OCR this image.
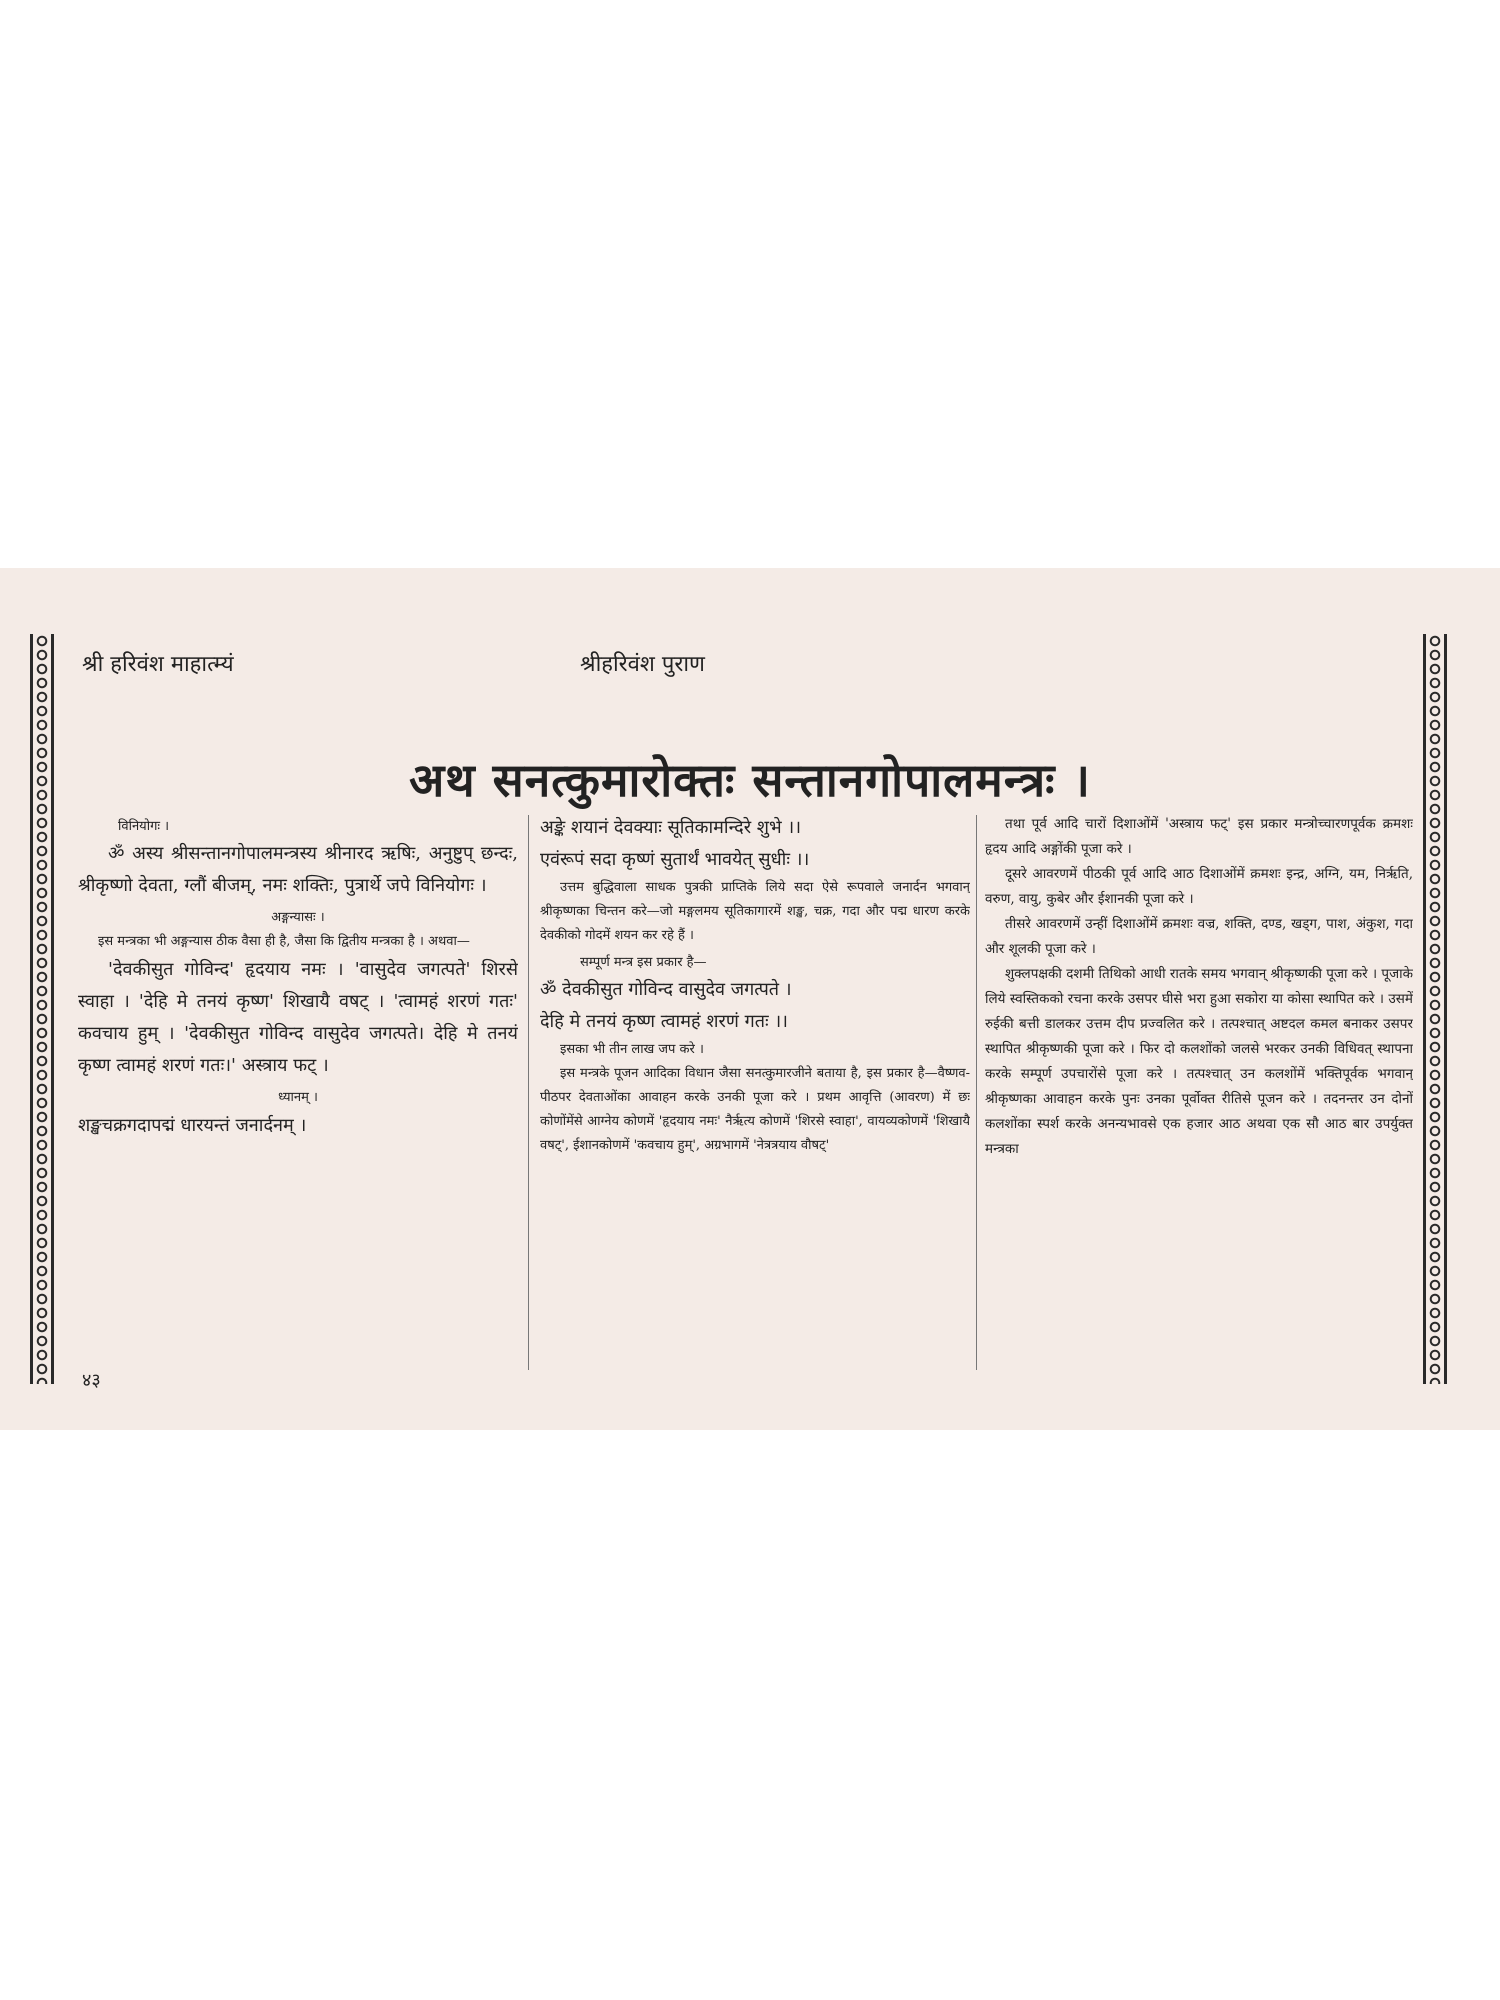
श्री हरिवंश माहात्म्यं	श्रीहरिवंश पुराण
अथ सनत्कुमारोक्तः सन्तानगोपालमन्त्रः ।

विनियोगः ।

ॐ अस्य श्रीसन्तानगोपालमन्त्रस्य श्रीनारद ऋषिः, अनुष्टुप् छन्दः, श्रीकृष्णो देवता, ग्लौं बीजम्, नमः शक्तिः, पुत्रार्थे जपे विनियोगः ।

अङ्गन्यासः ।

इस मन्त्रका भी अङ्गन्यास ठीक वैसा ही है, जैसा कि द्वितीय मन्त्रका है । अथवा—

'देवकीसुत गोविन्द' हृदयाय नमः । 'वासुदेव जगत्पते' शिरसे स्वाहा । 'देहि मे तनयं कृष्ण' शिखायै वषट् । 'त्वामहं शरणं गतः' कवचाय हुम् । 'देवकीसुत गोविन्द वासुदेव जगत्पते। देहि मे तनयं कृष्ण त्वामहं शरणं गतः।' अस्त्राय फट् ।

ध्यानम् ।

शङ्खचक्रगदापद्मं धारयन्तं जनार्दनम् ।

अङ्के शयानं देवक्याः सूतिकामन्दिरे शुभे ।।

एवंरूपं सदा कृष्णं सुतार्थं भावयेत् सुधीः ।।

उत्तम बुद्धिवाला साधक पुत्रकी प्राप्तिके लिये सदा ऐसे रूपवाले जनार्दन भगवान् श्रीकृष्णका चिन्तन करे—जो मङ्गलमय सूतिकागारमें शङ्ख, चक्र, गदा और पद्म धारण करके देवकीको गोदमें शयन कर रहे हैं ।

सम्पूर्ण मन्त्र इस प्रकार है—

ॐ देवकीसुत गोविन्द वासुदेव जगत्पते ।

देहि मे तनयं कृष्ण त्वामहं शरणं गतः ।।

इसका भी तीन लाख जप करे ।

इस मन्त्रके पूजन आदिका विधान जैसा सनत्कुमारजीने बताया है, इस प्रकार है—वैष्णव-पीठपर देवताओंका आवाहन करके उनकी पूजा करे । प्रथम आवृत्ति (आवरण) में छः कोणोंमेंसे आग्नेय कोणमें 'हृदयाय नमः' नैर्ऋत्य कोणमें 'शिरसे स्वाहा', वायव्यकोणमें 'शिखायै वषट्', ईशानकोणमें 'कवचाय हुम्', अग्रभागमें 'नेत्रत्रयाय वौषट्'

तथा पूर्व आदि चारों दिशाओंमें 'अस्त्राय फट्' इस प्रकार मन्त्रोच्चारणपूर्वक क्रमशः हृदय आदि अङ्गोंकी पूजा करे ।

दूसरे आवरणमें पीठकी पूर्व आदि आठ दिशाओंमें क्रमशः इन्द्र, अग्नि, यम, निर्ऋति, वरुण, वायु, कुबेर और ईशानकी पूजा करे ।

तीसरे आवरणमें उन्हीं दिशाओंमें क्रमशः वज्र, शक्ति, दण्ड, खड्ग, पाश, अंकुश, गदा और शूलकी पूजा करे ।

शुक्लपक्षकी दशमी तिथिको आधी रातके समय भगवान् श्रीकृष्णकी पूजा करे । पूजाके लिये स्वस्तिकको रचना करके उसपर घीसे भरा हुआ सकोरा या कोसा स्थापित करे । उसमें रुईकी बत्ती डालकर उत्तम दीप प्रज्वलित करे । तत्पश्चात् अष्टदल कमल बनाकर उसपर स्थापित श्रीकृष्णकी पूजा करे । फिर दो कलशोंको जलसे भरकर उनकी विधिवत् स्थापना करके सम्पूर्ण उपचारोंसे पूजा करे । तत्पश्चात् उन कलशोंमें भक्तिपूर्वक भगवान् श्रीकृष्णका आवाहन करके पुनः उनका पूर्वोक्त रीतिसे पूजन करे । तदनन्तर उन दोनों कलशोंका स्पर्श करके अनन्यभावसे एक हजार आठ अथवा एक सौ आठ बार उपर्युक्त मन्त्रका

४३
